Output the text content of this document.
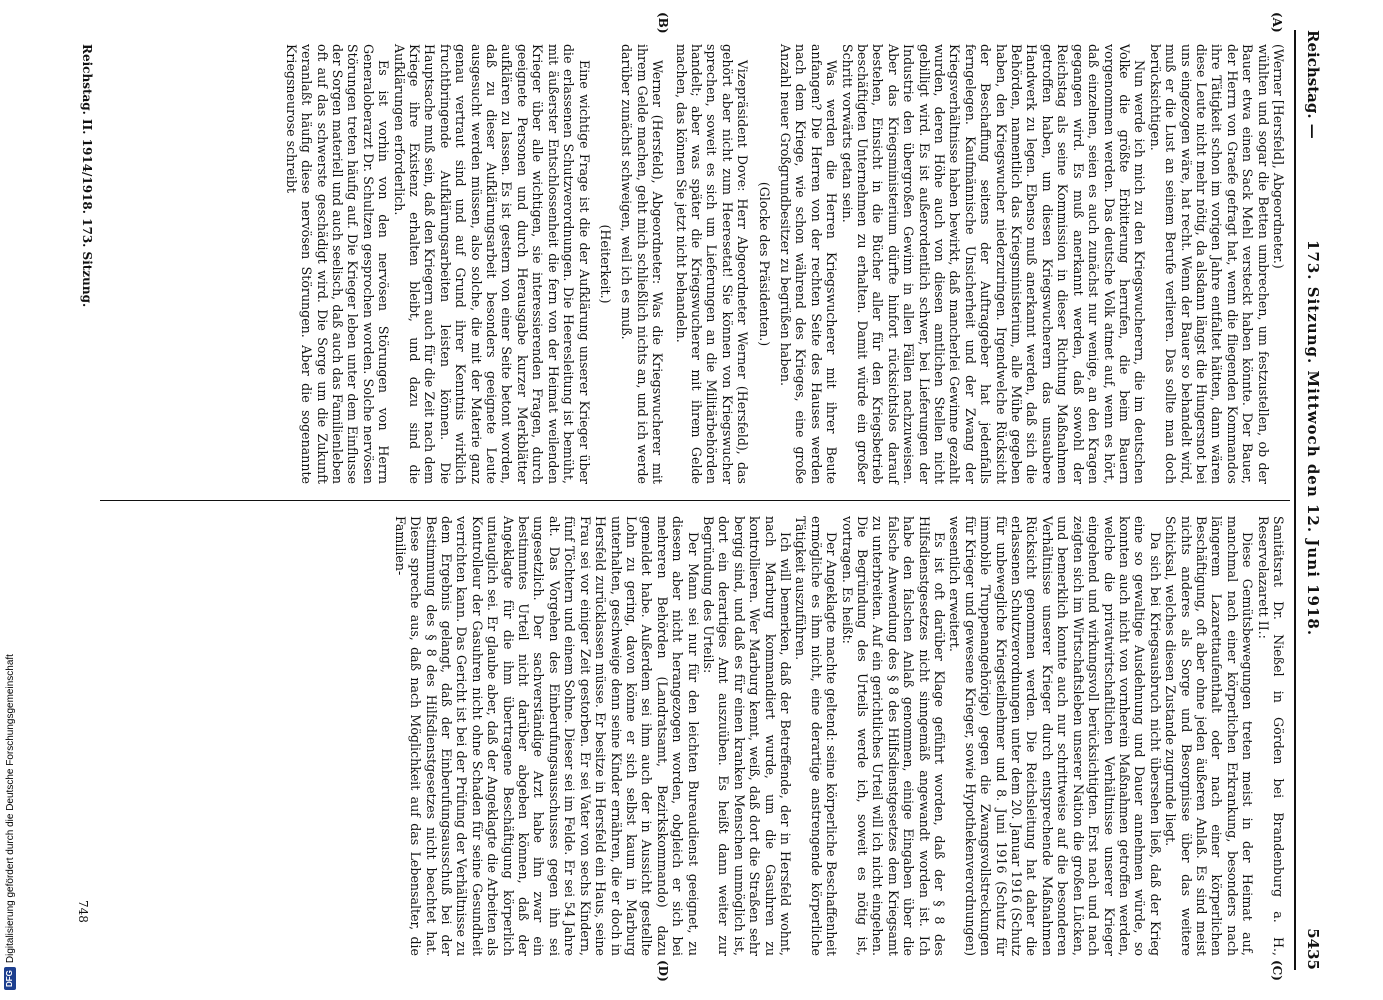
DFGDigitalisierung gefördert durch die Deutsche Forschungsgemeinschaft
Reichstag. —
173. Sitzung. Mittwoch den 12. Juni 1918.
5435
(A)
(B)
(C)
(D)

(Werner [Hersfeld], Abgeordneter.)

wühlten und sogar die Betten umbrechen, um festzustellen, ob der Bauer etwa einen Sack Mehl versteckt haben könnte. Der Bauer, der Herrn von Graefe gefragt hat, wenn die fliegenden Kommandos ihre Tätigkeit schon im vorigen Jahre entfaltet hätten, dann wären diese Leute nicht mehr nötig, da alsdann längst die Hungersnot bei uns eingezogen wäre, hat recht. Wenn der Bauer so behandelt wird, muß er die Lust an seinem Berufe verlieren. Das sollte man doch berücksichtigen.

Nun werde ich mich zu den Kriegswucherern, die im deutschen Volke die größte Erbitterung herrufen, die beim Bauern vorgenommen werden. Das deutsche Volk atmet auf, wenn es hört, daß einzelnen, seien es auch zunächst nur wenige, an den Kragen gegangen wird. Es muß anerkannt werden, daß sowohl der Reichstag als seine Kommission in dieser Richtung Maßnahmen getroffen haben, um diesen Kriegswucherern das unsaubere Handwerk zu legen. Ebenso muß anerkannt werden, daß sich die Behörden, namentlich das Kriegsministerium, alle Mühe gegeben haben, den Kriegswucher niederzuringen. Irgendwelche Rücksicht der Beschaffung seitens der Auftraggeber hat jedenfalls ferngelegen. Kaufmännische Unsicherheit und der Zwang der Kriegsverhältnisse haben bewirkt, daß mancherlei Gewinne gezahlt wurden, deren Höhe auch von diesen amtlichen Stellen nicht gebilligt wird. Es ist außerordentlich schwer, bei Lieferungen der Industrie den übergroßen Gewinn in allen Fällen nachzuweisen. Aber das Kriegsministerium dürfte hinfort rücksichtslos darauf bestehen, Einsicht in die Bücher aller für den Kriegsbetrieb beschäftigten Unternehmen zu erhalten. Damit würde ein großer Schritt vorwärts getan sein.

Was werden die Herren Kriegswucherer mit ihrer Beute anfangen? Die Herren von der rechten Seite des Hauses werden nach dem Kriege, wie schon während des Krieges, eine große Anzahl neuer Großgrundbesitzer zu begrüßen haben.

(Glocke des Präsidenten.)

Vizepräsident Dove: Herr Abgeordneter Werner (Hersfeld), das gehört aber nicht zum Heeresetat! Sie können von Kriegswucher sprechen, soweit es sich um Lieferungen an die Militärbehörden handelt; aber was später die Kriegswucherer mit ihrem Gelde machen, das können Sie jetzt nicht behandeln.

Werner (Hersfeld), Abgeordneter: Was die Kriegswucherer mit ihrem Gelde machen, geht mich schließlich nichts an, und ich werde darüber zunächst schweigen, weil ich es muß.

(Heiterkeit.)

Eine wichtige Frage ist die der Aufklärung unserer Krieger über die erlassenen Schutzverordnungen. Die Heeresleitung ist bemüht, mit äußerster Entschlossenheit die fern von der Heimat weilenden Krieger über alle wichtigen, sie interessierenden Fragen, durch geeignete Personen und durch Herausgabe kurzer Merkblätter aufklären zu lassen. Es ist gestern von einer Seite betont worden, daß zu dieser Aufklärungsarbeit besonders geeignete Leute ausgesucht werden müssen, also solche, die mit der Materie ganz genau vertraut sind und auf Grund ihrer Kenntnis wirklich fruchtbringende Aufklärungsarbeiten leisten können. Die Hauptsache muß sein, daß den Kriegern auch für die Zeit nach dem Kriege ihre Existenz erhalten bleibt, und dazu sind die Aufklärungen erforderlich.

Es ist vorhin von den nervösen Störungen von Herrn Generaloberarzt Dr. Schultzen gesprochen worden. Solche nervösen Störungen treten häufig auf. Die Krieger leben unter dem Einflusse der Sorgen materiell und auch seelisch, daß auch das Familienleben oft auf das schwerste geschädigt wird. Die Sorge um die Zukunft veranlaßt häufig diese nervösen Störungen. Aber die sogenannte Kriegsneurose schreibt

Sanitätsrat Dr. Nießel in Görden bei Brandenburg a. H., Reservelazarett II.:

Diese Gemütsbewegungen treten meist in der Heimat auf, manchmal nach einer körperlichen Erkrankung, besonders nach längerem Lazarettaufenthalt oder nach einer körperlichen Beschäftigung, oft aber ohne jeden äußeren Anlaß. Es sind meist nichts anderes als Sorge und Besorgnisse über das weitere Schicksal, welches diesen Zustande zugrunde liegt.

Da sich bei Kriegsausbruch nicht übersehen ließ, daß der Krieg eine so gewaltige Ausdehnung und Dauer annehmen würde, so konnten auch nicht von vornherein Maßnahmen getroffen werden, welche die privatwirtschaftlichen Verhältnisse unserer Krieger eingehend und wirkungsvoll berücksichtigten. Erst nach und nach zeigten sich im Wirtschaftsleben unserer Nation die großen Lücken, und bemerklich konnte auch nur schrittweise auf die besonderen Verhältnisse unserer Krieger durch entsprechende Maßnahmen Rücksicht genommen werden. Die Reichsleitung hat daher die erlassenen Schutzverordnungen unter dem 20. Januar 1916 (Schutz für unbewegliche Kriegsteilnehmer und 8. Juni 1916 (Schutz für immobile Truppenangehörige) gegen die Zwangsvollstreckungen für Krieger und gewesene Krieger, sowie Hypothekenverordnungen) wesentlich erweitert.

Es ist oft darüber Klage geführt worden, daß der § 8 des Hilfsdienstgesetzes nicht sinngemäß angewandt worden ist. Ich habe den falschen Anlaß genommen, einige Eingaben über die falsche Anwendung des § 8 des Hilfsdienstgesetzes dem Kriegsamt zu unterbreiten. Auf ein gerichtliches Urteil will ich nicht eingehen. Die Begründung des Urteils werde ich, soweit es nötig ist, vortragen. Es heißt:

Der Angeklagte machte geltend: seine körperliche Beschaffenheit ermögliche es ihm nicht, eine derartige anstrengende körperliche Tätigkeit auszuführen.

Ich will bemerken, daß der Betreffende, der in Hersfeld wohnt, nach Marburg kommandiert wurde, um die Gasuhren zu kontrollieren. Wer Marburg kennt, weiß, daß dort die Straßen sehr bergig sind, und daß es für einen kranken Menschen unmöglich ist, dort ein derartiges Amt auszuüben. Es heißt dann weiter zur Begründung des Urteils:

Der Mann sei nur für den leichten Bureaudienst geeignet, zu diesem aber nicht herangezogen worden, obgleich er sich bei mehreren Behörden (Landratsamt, Bezirkskommando) dazu gemeldet habe. Außerdem sei ihm auch der in Aussicht gestellte Lohn zu gering, davon könne er sich selbst kaum in Marburg unterhalten, geschweige denn seine Kinder ernähren, die er doch in Hersfeld zurücklassen müsse. Er besitze in Hersfeld ein Haus, seine Frau sei vor einiger Zeit gestorben. Er sei Vater von sechs Kindern, fünf Töchtern und einem Sohne. Dieser sei im Felde. Er sei 54 Jahre alt. Das Vorgehen des Einberufungsausschusses gegen ihn sei ungesetzlich. Der sachverständige Arzt habe ihn zwar ein bestimmtes Urteil nicht darüber abgeben können, daß der Angeklagte für die ihm übertragene Beschäftigung körperlich untauglich sei. Er glaube aber, daß der Angeklagte die Arbeiten als Kontrolleur der Gasuhren nicht ohne Schaden für seine Gesundheit verrichten kann. Das Gericht ist bei der Prüfung der Verhältnisse zu dem Ergebnis gelangt, daß der Einberufungsausschuß bei der Bestimmung des § 8 des Hilfsdienstgesetzes nicht beachtet hat. Diese spreche aus, daß nach Möglichkeit auf das Lebensalter, die Familien-

Reichstag. II. 1914/1918. 173. Sitzung.
748
